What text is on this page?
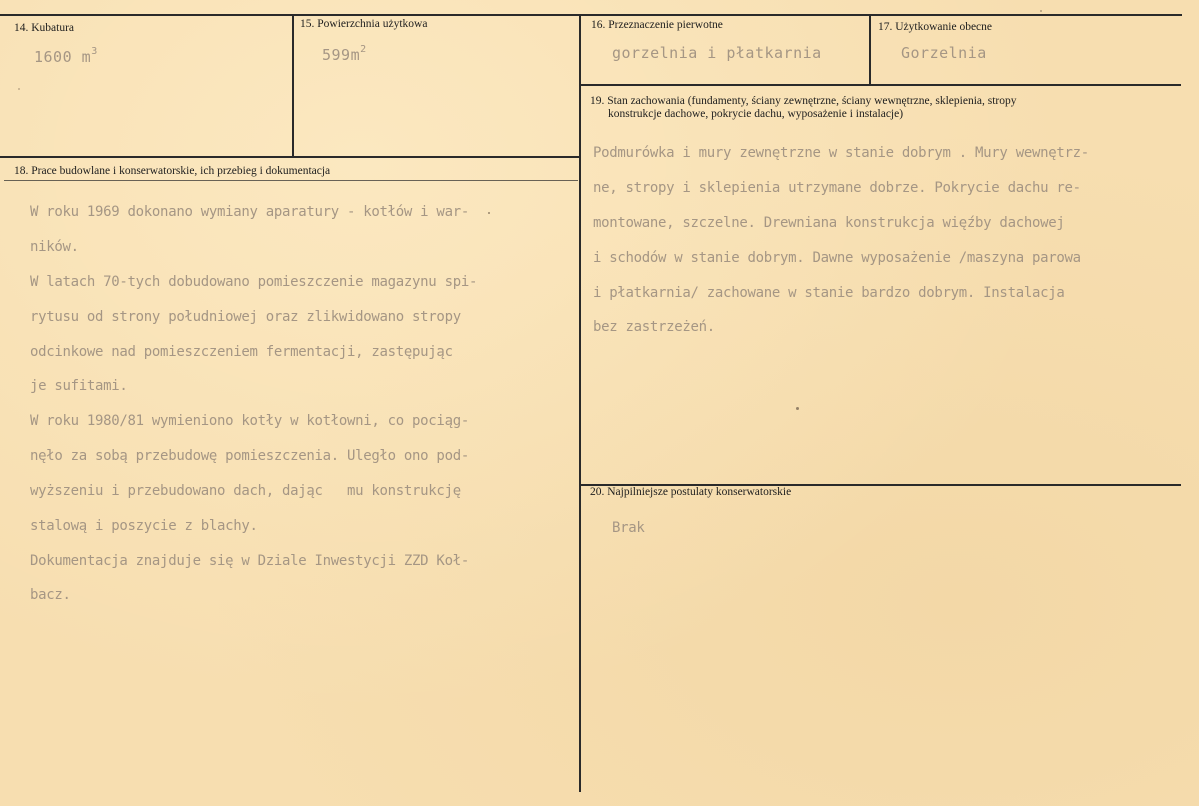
14. Kubatura
1600 $m^3$
15. Powierzchnia użytkowa
$599m^2$
16. Przeznaczenie pierwotne
gorzelnia i płatkarnia
17. Użytkowanie obecne
Gorzelnia
19. Stan zachowania (fundamenty, ściany zewnętrzne, ściany wewnętrzne, sklepienia, stropy
konstrukcje dachowe, pokrycie dachu, wyposażenie i instalacje)

Podmurówka i mury zewnętrzne w stanie dobrym . Mury wewnętrz-

ne, stropy i sklepienia utrzymane dobrze. Pokrycie dachu re-

montowane, szczelne. Drewniana konstrukcja więźby dachowej

i schodów w stanie dobrym. Dawne wyposażenie /maszyna parowa

i płatkarnia/ zachowane w stanie bardzo dobrym. Instalacja

bez zastrzeżeń.

18. Prace budowlane i konserwatorskie, ich przebieg i dokumentacja

W roku 1969 dokonano wymiany aparatury - kotłów i war-

ników.

W latach 70-tych dobudowano pomieszczenie magazynu spi-

rytusu od strony południowej oraz zlikwidowano stropy

odcinkowe nad pomieszczeniem fermentacji, zastępując

je sufitami.

W roku 1980/81 wymieniono kotły w kotłowni, co pociąg-

nęło za sobą przebudowę pomieszczenia. Uległo ono pod-

wyższeniu i przebudowano dach, dając   mu konstrukcję

stalową i poszycie z blachy.

Dokumentacja znajduje się w Dziale Inwestycji ZZD Koł-

bacz.

20. Najpilniejsze postulaty konserwatorskie
Brak
